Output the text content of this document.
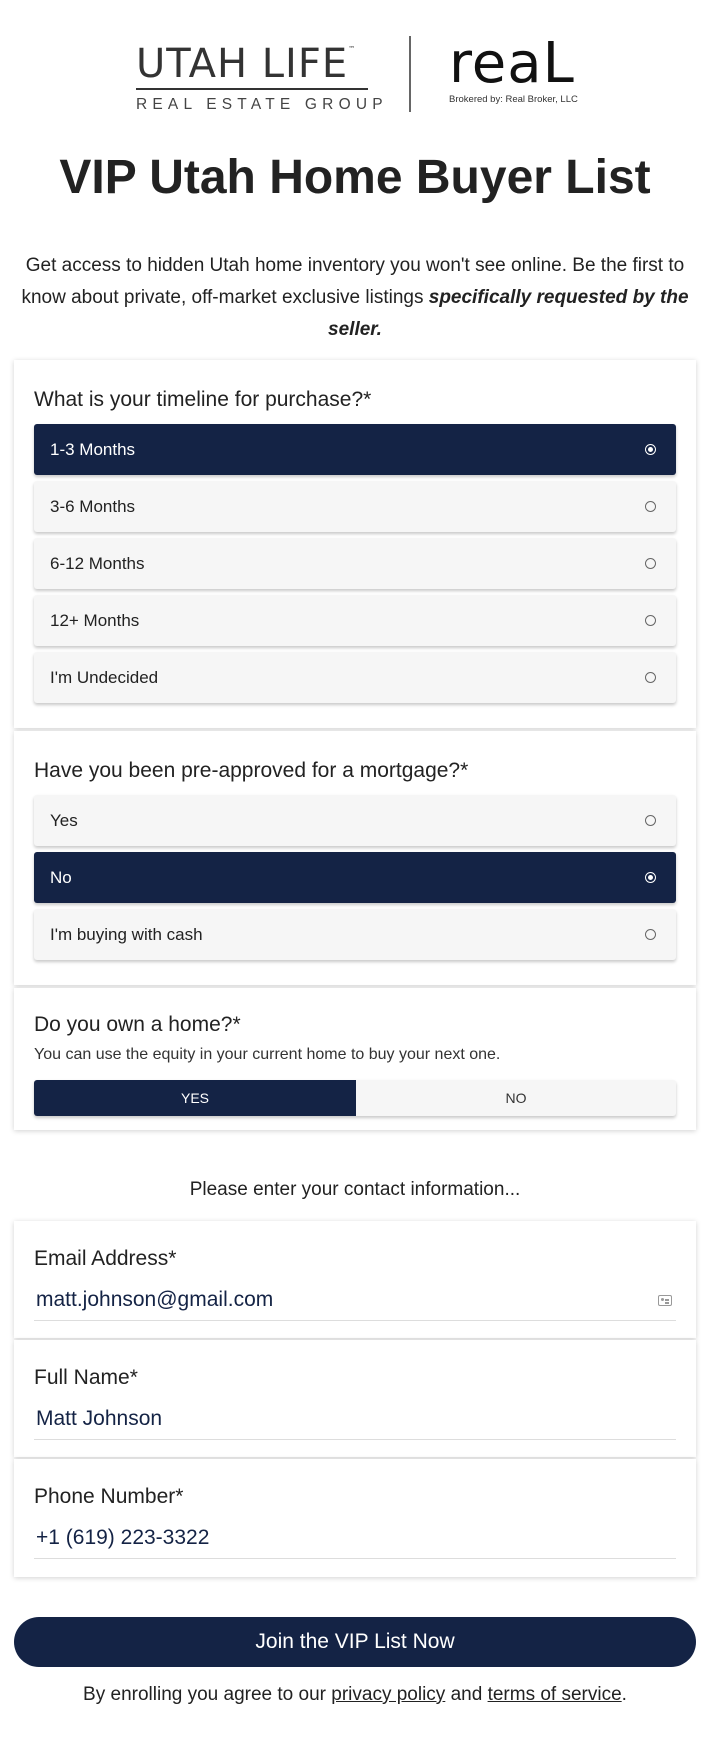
UTAH LIFE™
REAL ESTATE GROUP
reaL
Brokered by: Real Broker, LLC
VIP Utah Home Buyer List

Get access to hidden Utah home inventory you won't see online. Be the first to know about private, off-market exclusive listings specifically requested by the seller.

What is your timeline for purchase?*
1-3 Months
3-6 Months
6-12 Months
12+ Months
I'm Undecided
Have you been pre-approved for a mortgage?*
Yes
No
I'm buying with cash
Do you own a home?*
You can use the equity in your current home to buy your next one.
YES	NO
Please enter your contact information...
Email Address*
matt.johnson@gmail.com
Full Name*
Matt Johnson
Phone Number*
+1 (619) 223-3322
Join the VIP List Now
By enrolling you agree to our privacy policy and terms of service.
